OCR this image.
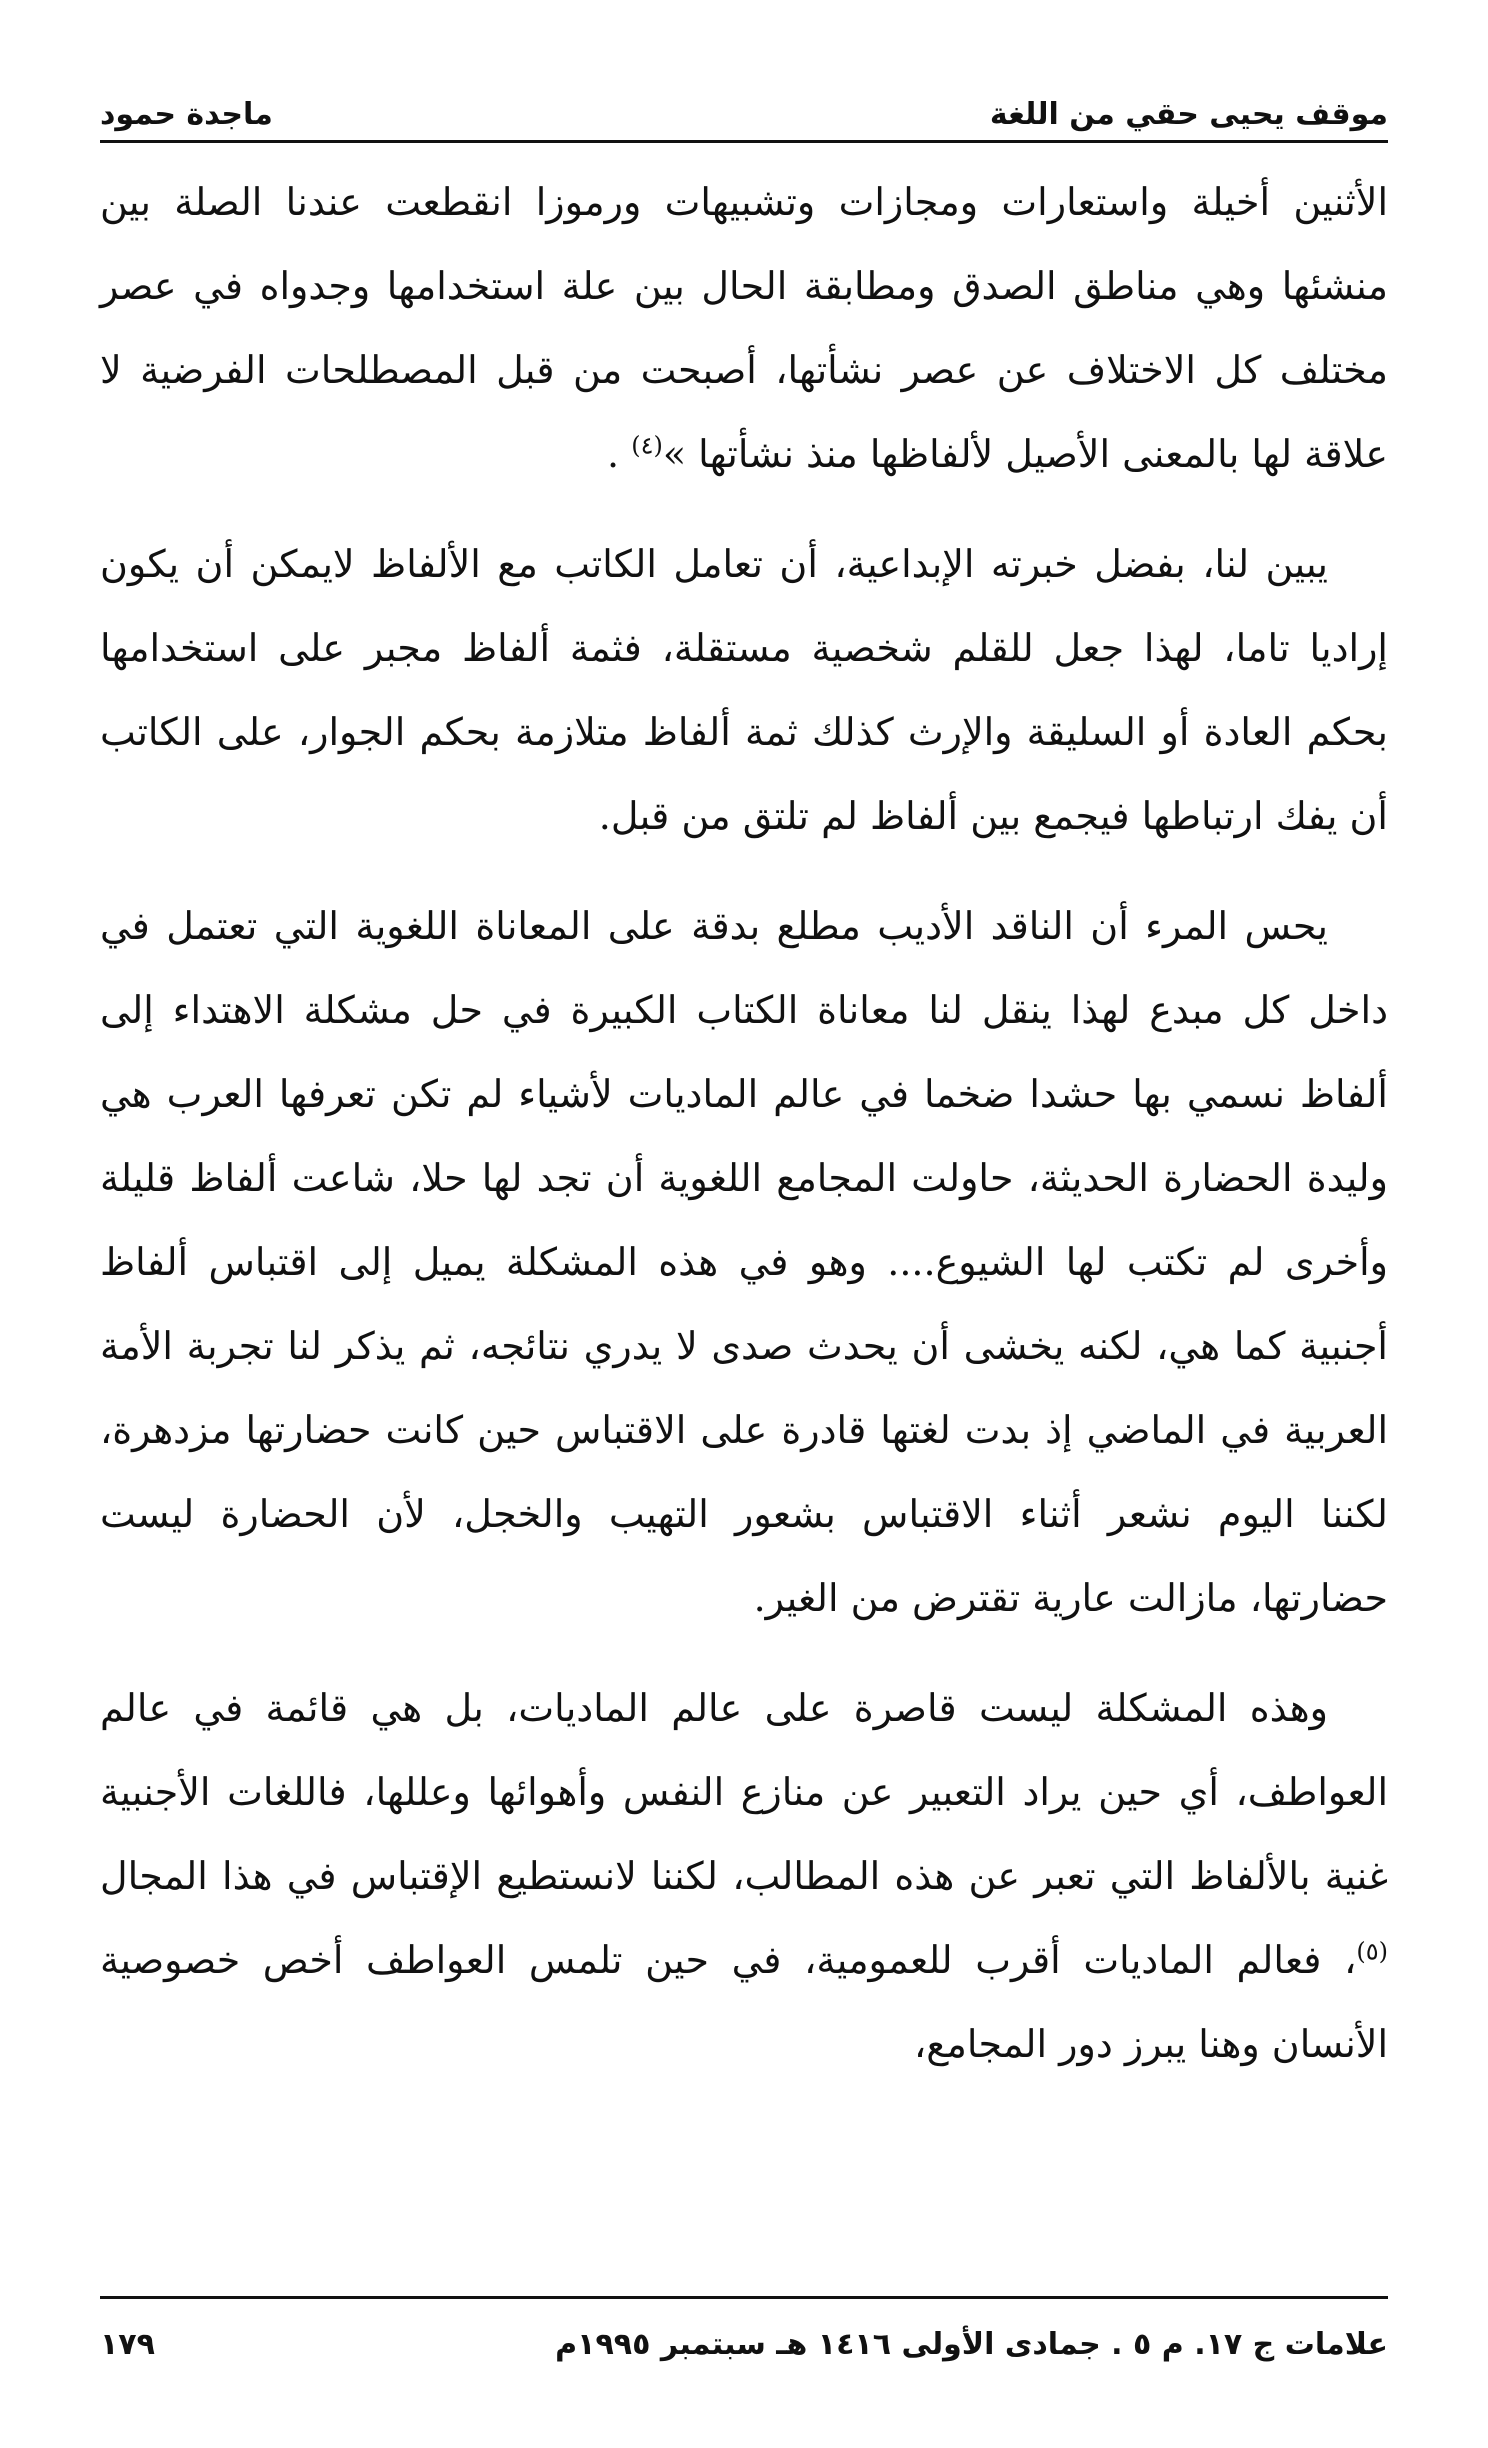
موقف يحيى حقي من اللغة
ماجدة حمود

الأثنين أخيلة واستعارات ومجازات وتشبيهات ورموزا انقطعت عندنا الصلة بين منشئها وهي مناطق الصدق ومطابقة الحال بين علة استخدامها وجدواه في عصر مختلف كل الاختلاف عن عصر نشأتها، أصبحت من قبل المصطلحات الفرضية لا علاقة لها بالمعنى الأصيل لألفاظها منذ نشأتها »$^{(٤)}$ .

يبين لنا، بفضل خبرته الإبداعية، أن تعامل الكاتب مع الألفاظ لايمكن أن يكون إراديا تاما، لهذا جعل للقلم شخصية مستقلة، فثمة ألفاظ مجبر على استخدامها بحكم العادة أو السليقة والإرث كذلك ثمة ألفاظ متلازمة بحكم الجوار، على الكاتب أن يفك ارتباطها فيجمع بين ألفاظ لم تلتق من قبل.

يحس المرء أن الناقد الأديب مطلع بدقة على المعاناة اللغوية التي تعتمل في داخل كل مبدع لهذا ينقل لنا معاناة الكتاب الكبيرة في حل مشكلة الاهتداء إلى ألفاظ نسمي بها حشدا ضخما في عالم الماديات لأشياء لم تكن تعرفها العرب هي وليدة الحضارة الحديثة، حاولت المجامع اللغوية أن تجد لها حلا، شاعت ألفاظ قليلة وأخرى لم تكتب لها الشيوع.... وهو في هذه المشكلة يميل إلى اقتباس ألفاظ أجنبية كما هي، لكنه يخشى أن يحدث صدى لا يدري نتائجه، ثم يذكر لنا تجربة الأمة العربية في الماضي إذ بدت لغتها قادرة على الاقتباس حين كانت حضارتها مزدهرة، لكننا اليوم نشعر أثناء الاقتباس بشعور التهيب والخجل، لأن الحضارة ليست حضارتها، مازالت عارية تقترض من الغير.

وهذه المشكلة ليست قاصرة على عالم الماديات، بل هي قائمة في عالم العواطف، أي حين يراد التعبير عن منازع النفس وأهوائها وعللها، فاللغات الأجنبية غنية بالألفاظ التي تعبر عن هذه المطالب، لكننا لانستطيع الإقتباس في هذا المجال $^{(٥)}$، فعالم الماديات أقرب للعمومية، في حين تلمس العواطف أخص خصوصية الأنسان وهنا يبرز دور المجامع،

علامات ج ١٧. م ٥ . جمادى الأولى ١٤١٦ هـ سبتمبر ١٩٩٥م
١٧٩
